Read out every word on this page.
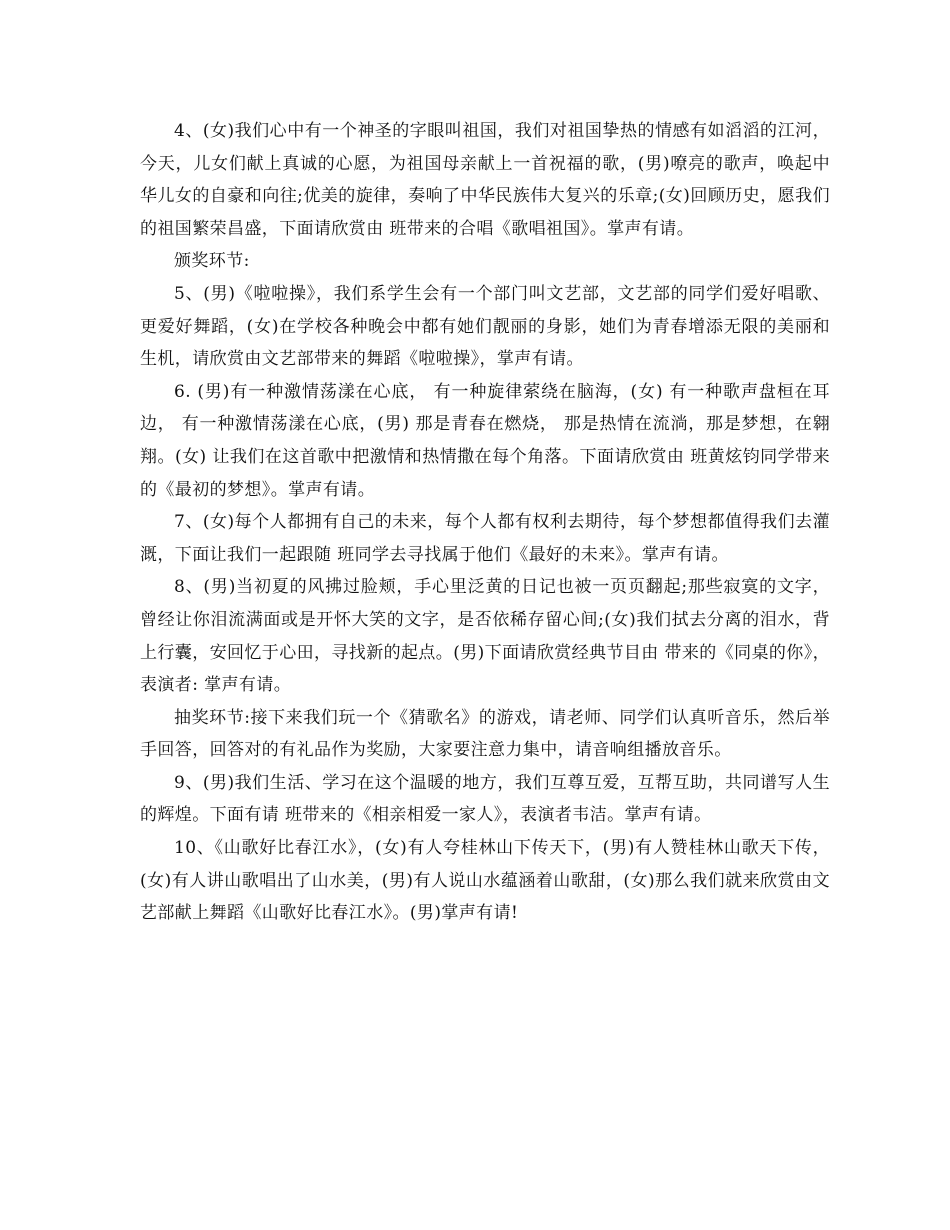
4、(女)我们心中有一个神圣的字眼叫祖国，我们对祖国挚热的情感有如滔滔的江河，今天，儿女们献上真诚的心愿，为祖国母亲献上一首祝福的歌，(男)嘹亮的歌声，唤起中华儿女的自豪和向往;优美的旋律，奏响了中华民族伟大复兴的乐章;(女)回顾历史，愿我们的祖国繁荣昌盛，下面请欣赏由 班带来的合唱《歌唱祖国》。掌声有请。

颁奖环节:

5、(男)《啦啦操》，我们系学生会有一个部门叫文艺部，文艺部的同学们爱好唱歌、更爱好舞蹈，(女)在学校各种晚会中都有她们靓丽的身影，她们为青春增添无限的美丽和生机，请欣赏由文艺部带来的舞蹈《啦啦操》，掌声有请。

6. (男)有一种激情荡漾在心底， 有一种旋律萦绕在脑海，(女) 有一种歌声盘桓在耳边， 有一种激情荡漾在心底，(男) 那是青春在燃烧， 那是热情在流淌，那是梦想，在翱翔。(女) 让我们在这首歌中把激情和热情撒在每个角落。下面请欣赏由 班黄炫钧同学带来的《最初的梦想》。掌声有请。

7、(女)每个人都拥有自己的未来，每个人都有权利去期待，每个梦想都值得我们去灌溉，下面让我们一起跟随 班同学去寻找属于他们《最好的未来》。掌声有请。

8、(男)当初夏的风拂过脸颊，手心里泛黄的日记也被一页页翻起;那些寂寞的文字，曾经让你泪流满面或是开怀大笑的文字，是否依稀存留心间;(女)我们拭去分离的泪水，背上行囊，安回忆于心田，寻找新的起点。(男)下面请欣赏经典节目由 带来的《同桌的你》，表演者: 掌声有请。

抽奖环节:接下来我们玩一个《猜歌名》的游戏，请老师、同学们认真听音乐，然后举手回答，回答对的有礼品作为奖励，大家要注意力集中，请音响组播放音乐。

9、(男)我们生活、学习在这个温暖的地方，我们互尊互爱，互帮互助，共同谱写人生的辉煌。下面有请 班带来的《相亲相爱一家人》，表演者韦洁。掌声有请。

10、《山歌好比春江水》，(女)有人夸桂林山下传天下，(男)有人赞桂林山歌天下传，(女)有人讲山歌唱出了山水美，(男)有人说山水蕴涵着山歌甜，(女)那么我们就来欣赏由文艺部献上舞蹈《山歌好比春江水》。(男)掌声有请!
